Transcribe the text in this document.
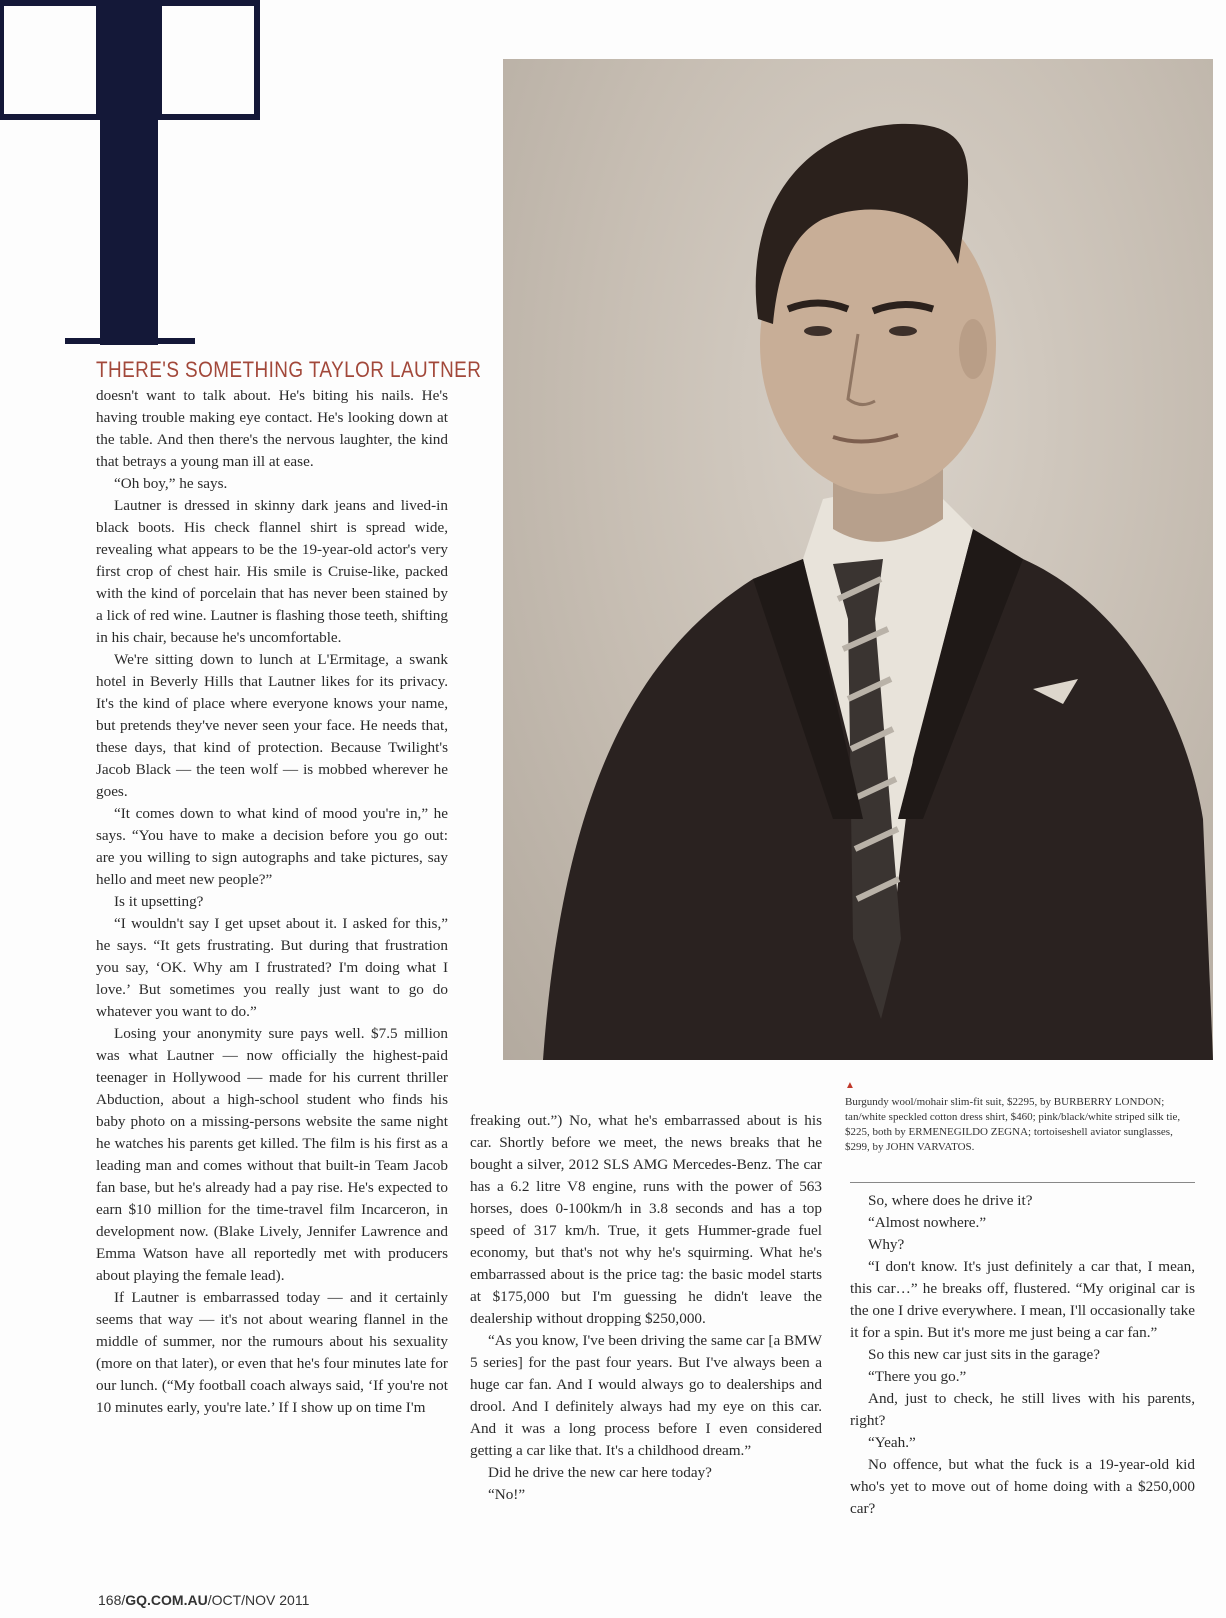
THERE'S SOMETHING TAYLOR LAUTNER

doesn't want to talk about. He's biting his nails. He's having trouble making eye contact. He's looking down at the table. And then there's the nervous laughter, the kind that betrays a young man ill at ease.

“Oh boy,” he says.

Lautner is dressed in skinny dark jeans and lived-in black boots. His check flannel shirt is spread wide, revealing what appears to be the 19-year-old actor's very first crop of chest hair. His smile is Cruise-like, packed with the kind of porcelain that has never been stained by a lick of red wine. Lautner is flashing those teeth, shifting in his chair, because he's uncomfortable.

We're sitting down to lunch at L'Ermitage, a swank hotel in Beverly Hills that Lautner likes for its privacy. It's the kind of place where everyone knows your name, but pretends they've never seen your face. He needs that, these days, that kind of protection. Because Twilight's Jacob Black — the teen wolf — is mobbed wherever he goes.

“It comes down to what kind of mood you're in,” he says. “You have to make a decision before you go out: are you willing to sign autographs and take pictures, say hello and meet new people?”

Is it upsetting?

“I wouldn't say I get upset about it. I asked for this,” he says. “It gets frustrating. But during that frustration you say, ‘OK. Why am I frustrated? I'm doing what I love.’ But sometimes you really just want to go do whatever you want to do.”

Losing your anonymity sure pays well. $7.5 million was what Lautner — now officially the highest-paid teenager in Hollywood — made for his current thriller Abduction, about a high-school student who finds his baby photo on a missing-persons website the same night he watches his parents get killed. The film is his first as a leading man and comes without that built-in Team Jacob fan base, but he's already had a pay rise. He's expected to earn $10 million for the time-travel film Incarceron, in development now. (Blake Lively, Jennifer Lawrence and Emma Watson have all reportedly met with producers about playing the female lead).

If Lautner is embarrassed today — and it certainly seems that way — it's not about wearing flannel in the middle of summer, nor the rumours about his sexuality (more on that later), or even that he's four minutes late for our lunch. (“My football coach always said, ‘If you're not 10 minutes early, you're late.’ If I show up on time I'm

▲
Burgundy wool/mohair slim-fit suit, $2295, by BURBERRY LONDON; tan/white speckled cotton dress shirt, $460; pink/black/white striped silk tie, $225, both by ERMENEGILDO ZEGNA; tortoiseshell aviator sunglasses, $299, by JOHN VARVATOS.

freaking out.”) No, what he's embarrassed about is his car. Shortly before we meet, the news breaks that he bought a silver, 2012 SLS AMG Mercedes-Benz. The car has a 6.2 litre V8 engine, runs with the power of 563 horses, does 0-100km/h in 3.8 seconds and has a top speed of 317 km/h. True, it gets Hummer-grade fuel economy, but that's not why he's squirming. What he's embarrassed about is the price tag: the basic model starts at $175,000 but I'm guessing he didn't leave the dealership without dropping $250,000.

“As you know, I've been driving the same car [a BMW 5 series] for the past four years. But I've always been a huge car fan. And I would always go to dealerships and drool. And I definitely always had my eye on this car. And it was a long process before I even considered getting a car like that. It's a childhood dream.”

Did he drive the new car here today?

“No!”

So, where does he drive it?

“Almost nowhere.”

Why?

“I don't know. It's just definitely a car that, I mean, this car…” he breaks off, flustered. “My original car is the one I drive everywhere. I mean, I'll occasionally take it for a spin. But it's more me just being a car fan.”

So this new car just sits in the garage?

“There you go.”

And, just to check, he still lives with his parents, right?

“Yeah.”

No offence, but what the fuck is a 19-year-old kid who's yet to move out of home doing with a $250,000 car?

168/GQ.COM.AU/OCT/NOV 2011
